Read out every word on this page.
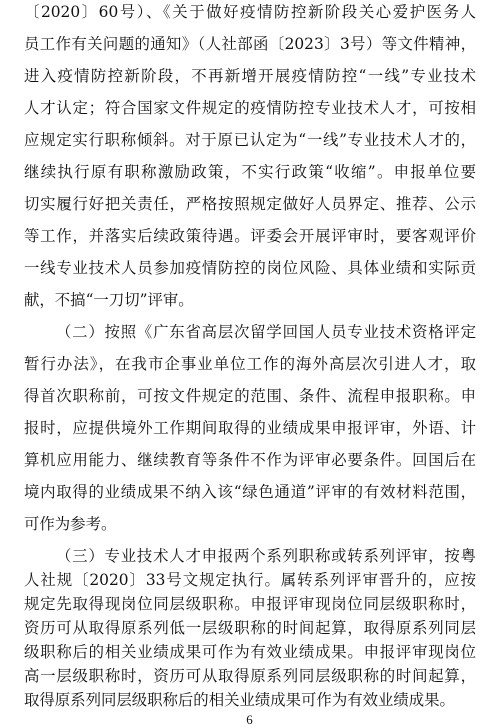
〔2020〕60号）、《关于做好疫情防控新阶段关心爱护医务人
员工作有关问题的通知》（人社部函〔2023〕3号）等文件精神，
进入疫情防控新阶段，不再新增开展疫情防控“一线”专业技术
人才认定；符合国家文件规定的疫情防控专业技术人才，可按相
应规定实行职称倾斜。对于原已认定为“一线”专业技术人才的，
继续执行原有职称激励政策，不实行政策“收缩”。申报单位要
切实履行好把关责任，严格按照规定做好人员界定、推荐、公示
等工作，并落实后续政策待遇。评委会开展评审时，要客观评价
一线专业技术人员参加疫情防控的岗位风险、具体业绩和实际贡
献，不搞“一刀切”评审。
（二）按照《广东省高层次留学回国人员专业技术资格评定
暂行办法》，在我市企事业单位工作的海外高层次引进人才，取
得首次职称前，可按文件规定的范围、条件、流程申报职称。申
报时，应提供境外工作期间取得的业绩成果申报评审，外语、计
算机应用能力、继续教育等条件不作为评审必要条件。回国后在
境内取得的业绩成果不纳入该“绿色通道”评审的有效材料范围，
可作为参考。
（三）专业技术人才申报两个系列职称或转系列评审，按粤
人社规〔2020〕33号文规定执行。属转系列评审晋升的，应按
规定先取得现岗位同层级职称。申报评审现岗位同层级职称时，
资历可从取得原系列低一层级职称的时间起算，取得原系列同层
级职称后的相关业绩成果可作为有效业绩成果。申报评审现岗位
高一层级职称时，资历可从取得原系列同层级职称的时间起算，
取得原系列同层级职称后的相关业绩成果可作为有效业绩成果。
6
